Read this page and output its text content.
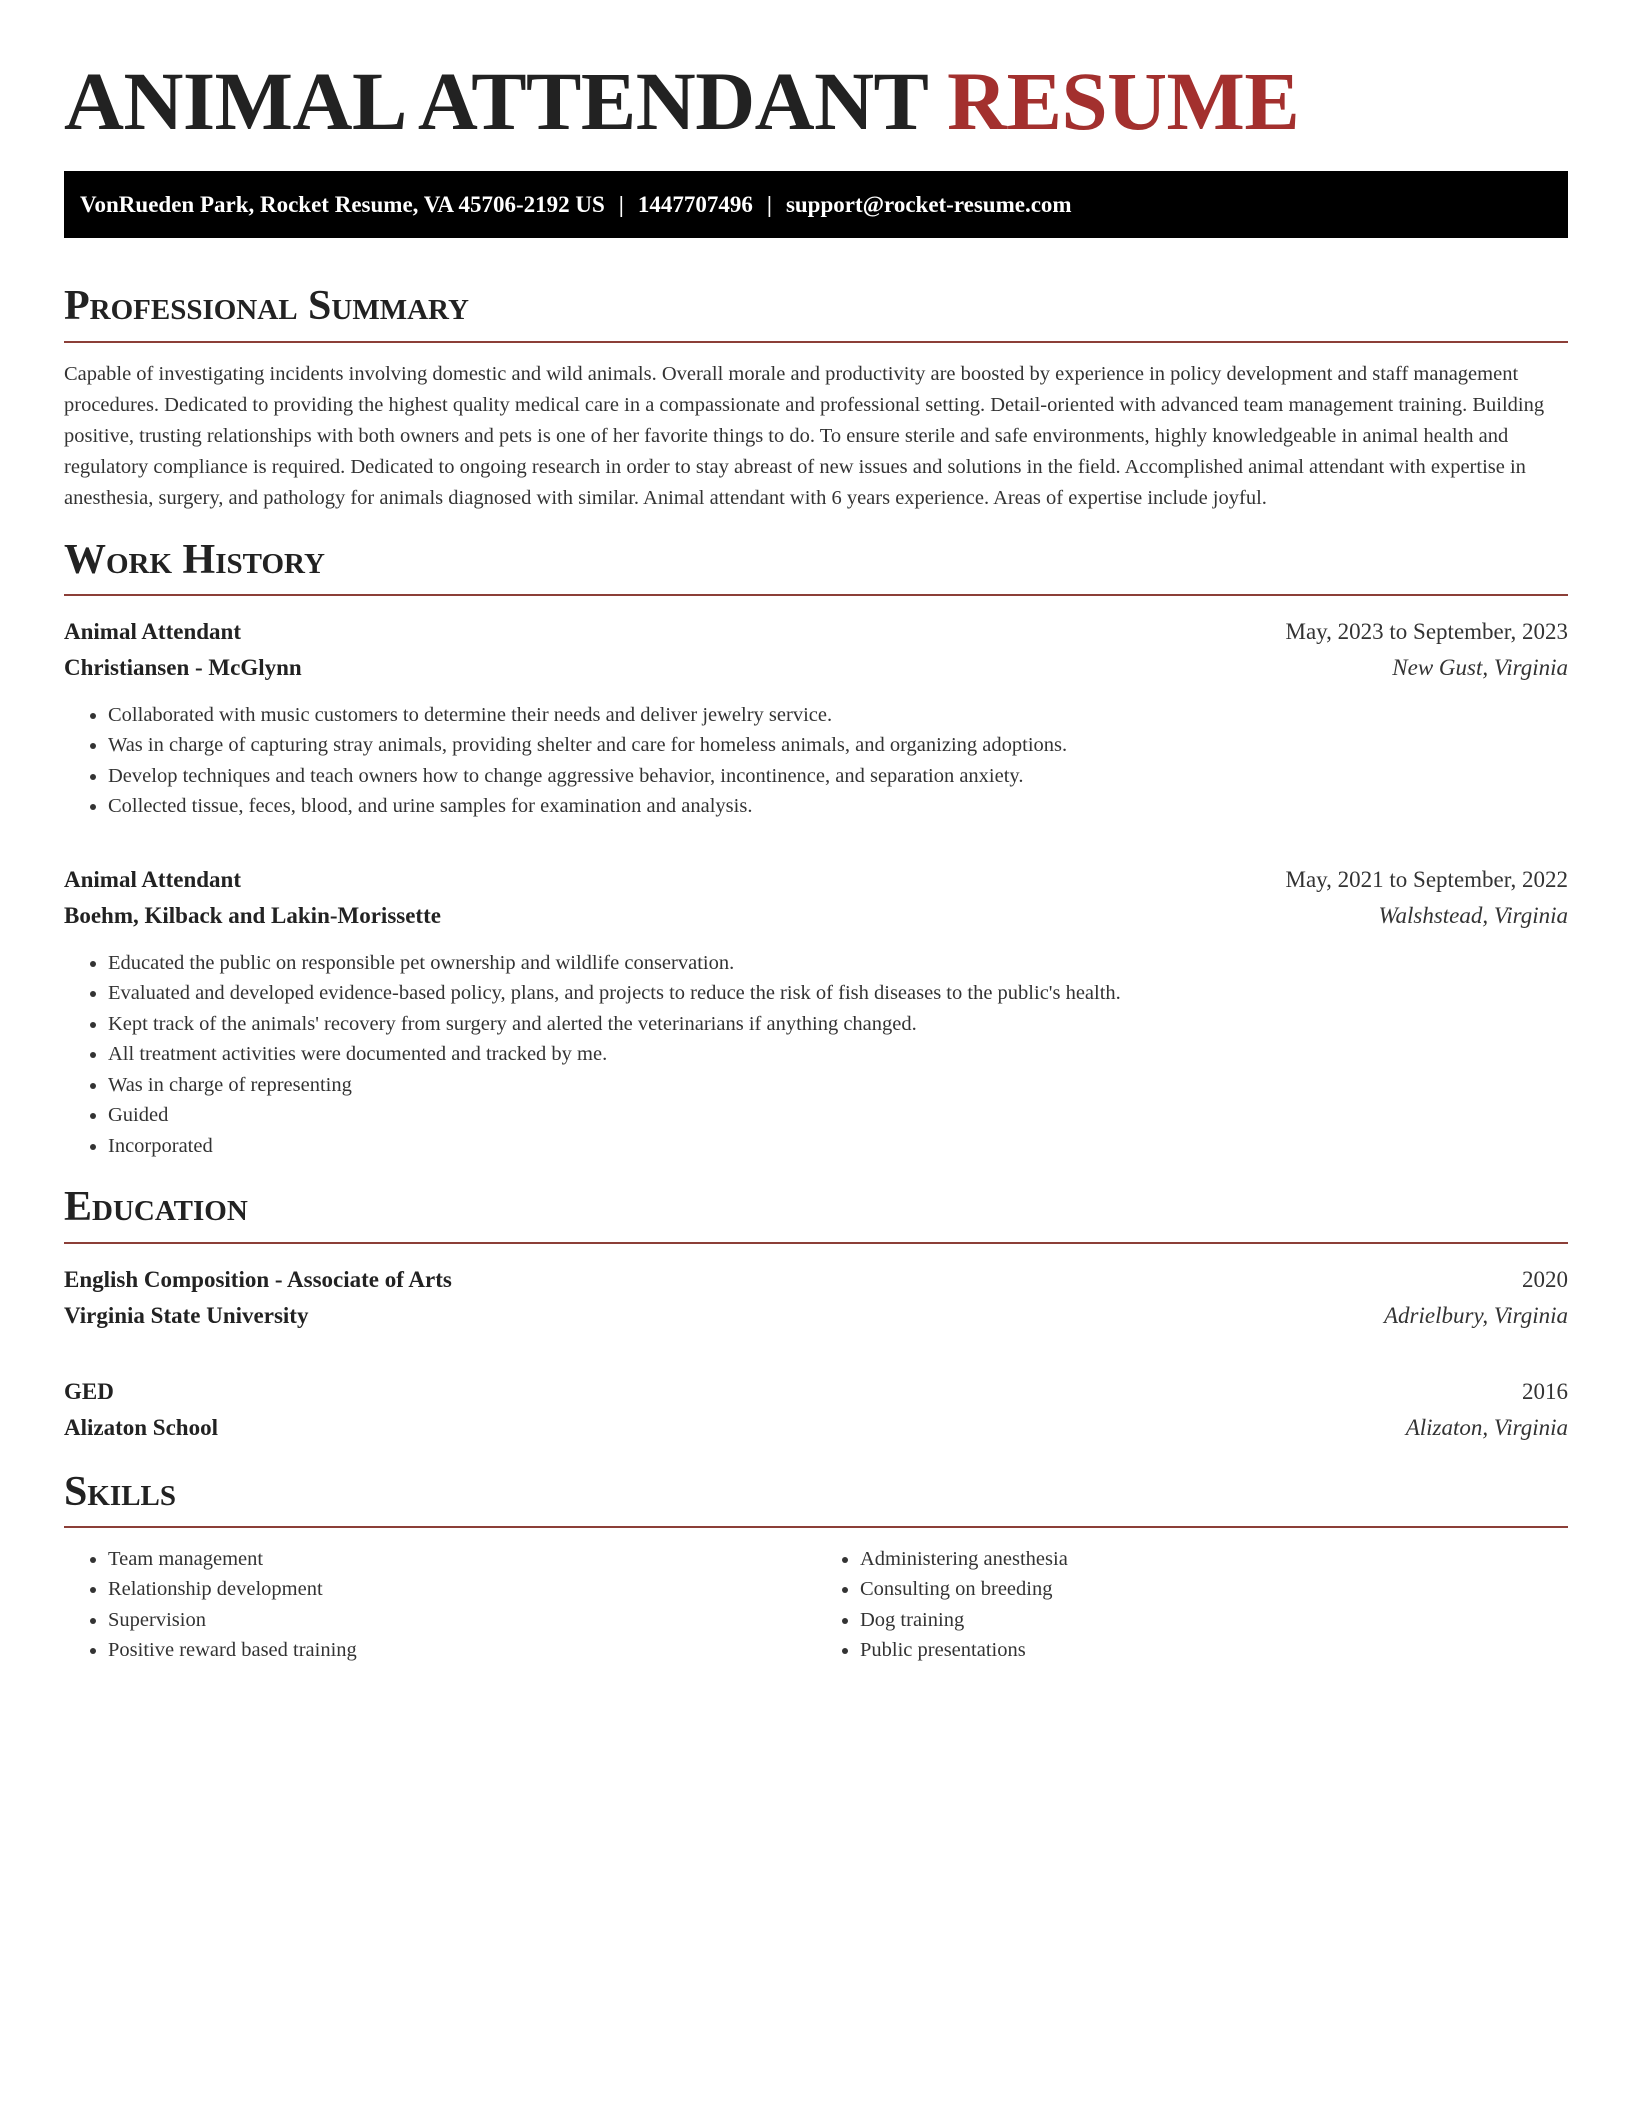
ANIMAL ATTENDANT RESUME
VonRueden Park, Rocket Resume, VA 45706-2192 US | 1447707496 | support@rocket-resume.com
Professional Summary

Capable of investigating incidents involving domestic and wild animals. Overall morale and productivity are boosted by experience in policy development and staff management procedures. Dedicated to providing the highest quality medical care in a compassionate and professional setting. Detail-oriented with advanced team management training. Building positive, trusting relationships with both owners and pets is one of her favorite things to do. To ensure sterile and safe environments, highly knowledgeable in animal health and regulatory compliance is required. Dedicated to ongoing research in order to stay abreast of new issues and solutions in the field. Accomplished animal attendant with expertise in anesthesia, surgery, and pathology for animals diagnosed with similar. Animal attendant with 6 years experience. Areas of expertise include joyful.

Work History
Animal Attendant	May, 2023 to September, 2023
Christiansen - McGlynn	New Gust, Virginia
• Collaborated with music customers to determine their needs and deliver jewelry service.
• Was in charge of capturing stray animals, providing shelter and care for homeless animals, and organizing adoptions.
• Develop techniques and teach owners how to change aggressive behavior, incontinence, and separation anxiety.
• Collected tissue, feces, blood, and urine samples for examination and analysis.
Animal Attendant	May, 2021 to September, 2022
Boehm, Kilback and Lakin-Morissette	Walshstead, Virginia
• Educated the public on responsible pet ownership and wildlife conservation.
• Evaluated and developed evidence-based policy, plans, and projects to reduce the risk of fish diseases to the public's health.
• Kept track of the animals' recovery from surgery and alerted the veterinarians if anything changed.
• All treatment activities were documented and tracked by me.
• Was in charge of representing
• Guided
• Incorporated
Education
English Composition - Associate of Arts	2020
Virginia State University	Adrielbury, Virginia
GED	2016
Alizaton School	Alizaton, Virginia
Skills
• Team management
• Relationship development
• Supervision
• Positive reward based training
• Administering anesthesia
• Consulting on breeding
• Dog training
• Public presentations
